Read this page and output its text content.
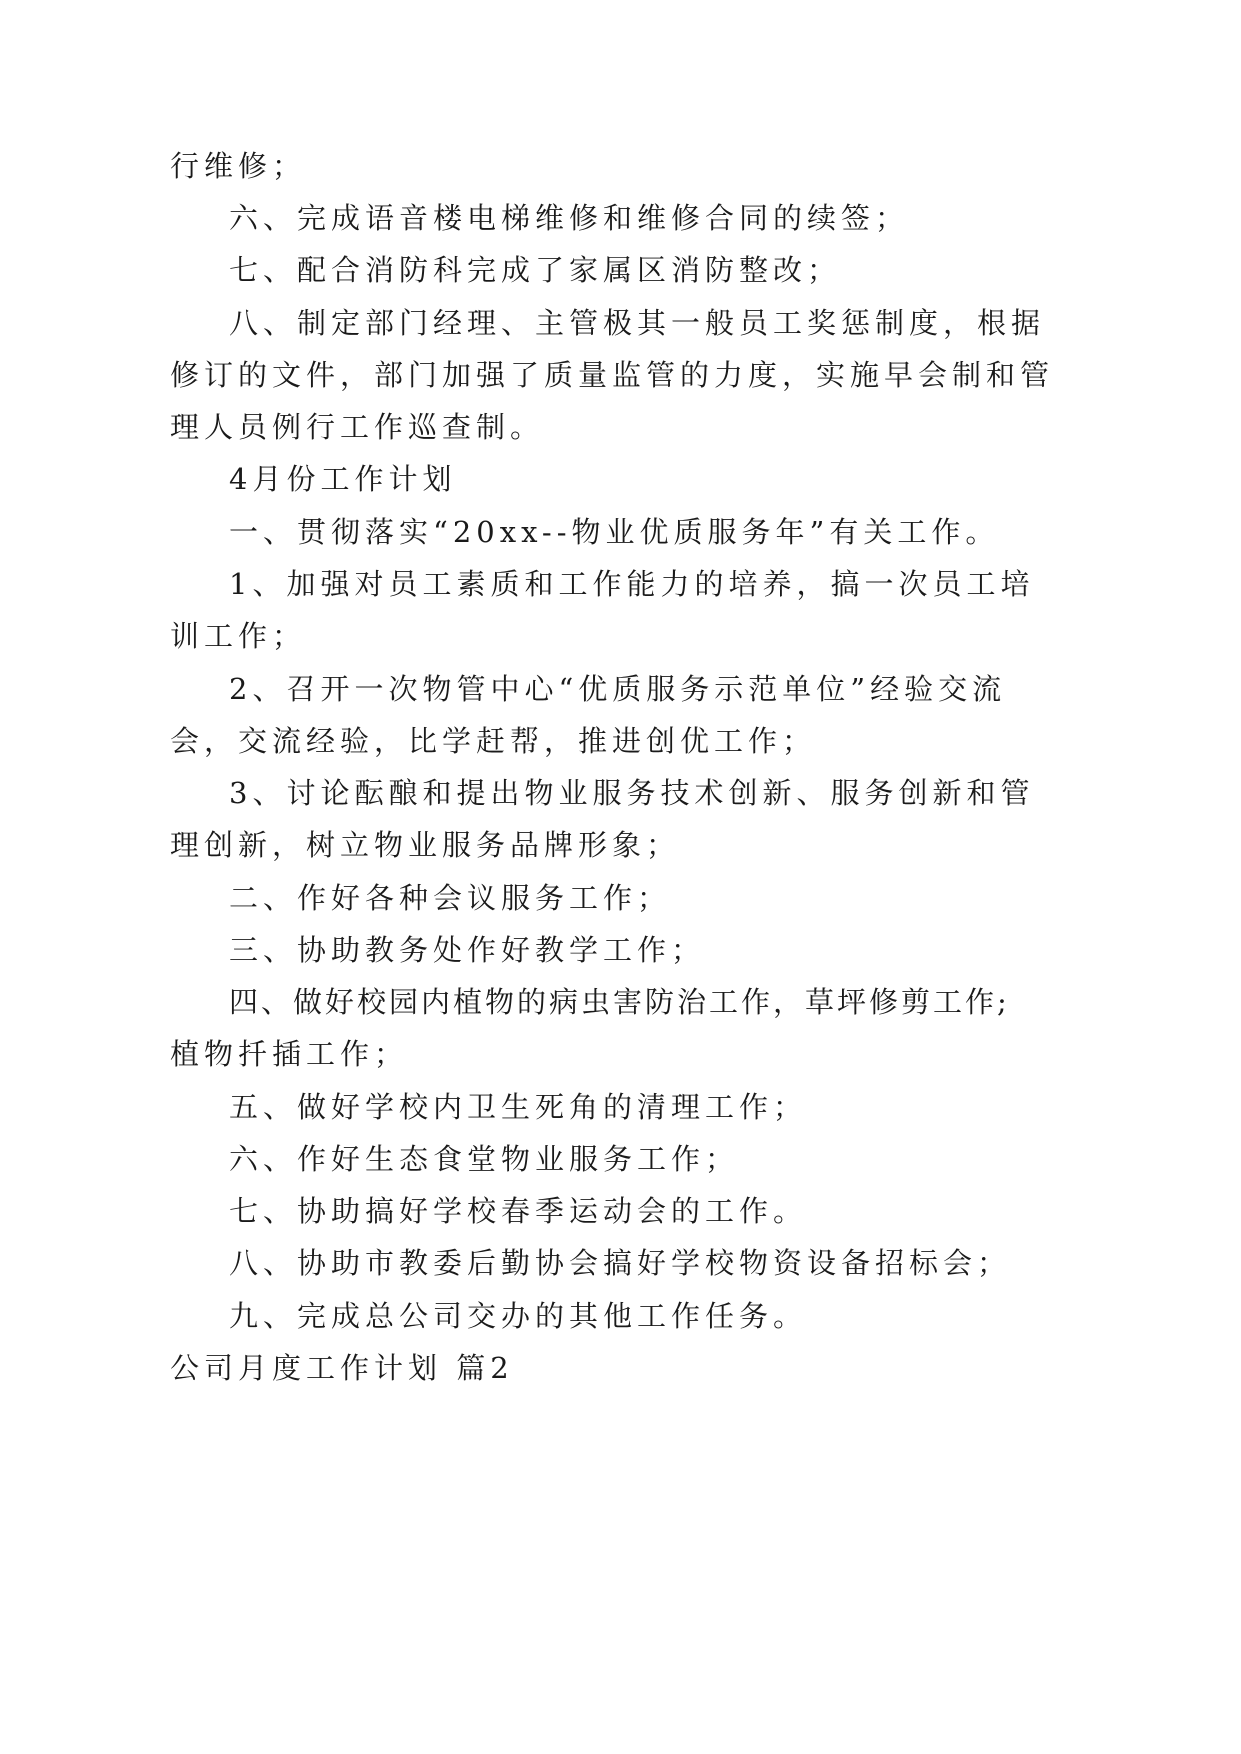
行维修；
六、完成语音楼电梯维修和维修合同的续签；
七、配合消防科完成了家属区消防整改；
八、制定部门经理、主管极其一般员工奖惩制度，根据
修订的文件，部门加强了质量监管的力度，实施早会制和管
理人员例行工作巡查制。
4月份工作计划
一、贯彻落实“20xx--物业优质服务年”有关工作。
1、加强对员工素质和工作能力的培养，搞一次员工培
训工作；
2、召开一次物管中心“优质服务示范单位”经验交流
会，交流经验，比学赶帮，推进创优工作；
3、讨论酝酿和提出物业服务技术创新、服务创新和管
理创新，树立物业服务品牌形象；
二、作好各种会议服务工作；
三、协助教务处作好教学工作；
四、做好校园内植物的病虫害防治工作，草坪修剪工作;
植物扦插工作；
五、做好学校内卫生死角的清理工作；
六、作好生态食堂物业服务工作；
七、协助搞好学校春季运动会的工作。
八、协助市教委后勤协会搞好学校物资设备招标会；
九、完成总公司交办的其他工作任务。
公司月度工作计划 篇2
